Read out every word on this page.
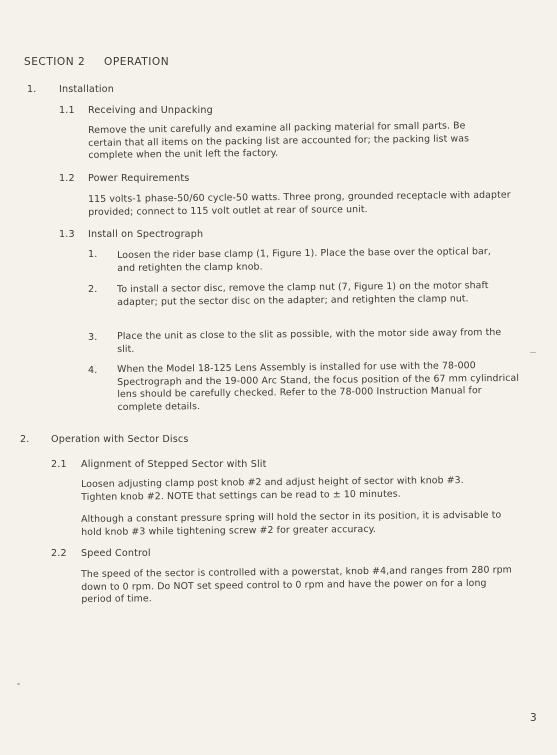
SECTION 2 OPERATION
1. Installation
1.1 Receiving and Unpacking
Remove the unit carefully and examine all packing material for small parts. Be certain that all items on the packing list are accounted for; the packing list was complete when the unit left the factory.
1.2 Power Requirements
115 volts-1 phase-50/60 cycle-50 watts. Three prong, grounded receptacle with adapter provided; connect to 115 volt outlet at rear of source unit.
1.3 Install on Spectrograph
1. Loosen the rider base clamp (1, Figure 1). Place the base over the optical bar, and retighten the clamp knob.
2. To install a sector disc, remove the clamp nut (7, Figure 1) on the motor shaft adapter; put the sector disc on the adapter; and retighten the clamp nut.
3. Place the unit as close to the slit as possible, with the motor side away from the slit.
4. When the Model 18-125 Lens Assembly is installed for use with the 78-000 Spectrograph and the 19-000 Arc Stand, the focus position of the 67 mm cylindrical lens should be carefully checked. Refer to the 78-000 Instruction Manual for complete details.
2. Operation with Sector Discs
2.1 Alignment of Stepped Sector with Slit
Loosen adjusting clamp post knob #2 and adjust height of sector with knob #3. Tighten knob #2. NOTE that settings can be read to ± 10 minutes.
Although a constant pressure spring will hold the sector in its position, it is advisable to hold knob #3 while tightening screw #2 for greater accuracy.
2.2 Speed Control
The speed of the sector is controlled with a powerstat, knob #4,and ranges from 280 rpm down to 0 rpm. Do NOT set speed control to 0 rpm and have the power on for a long period of time.
3
